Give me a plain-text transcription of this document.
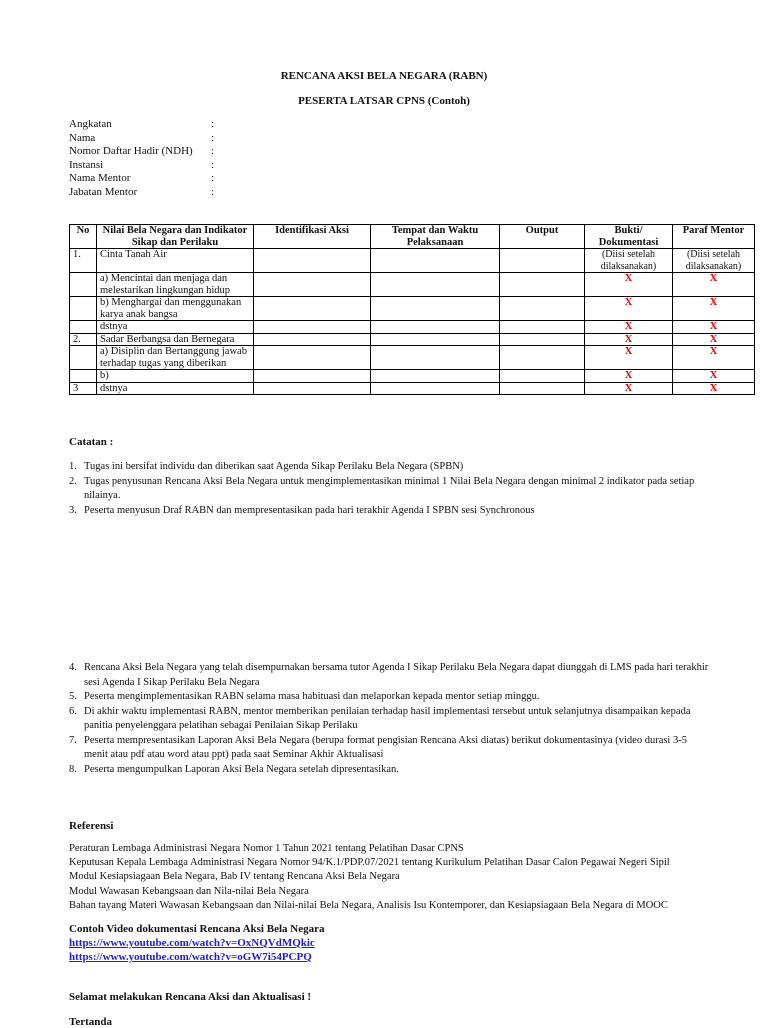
RENCANA AKSI BELA NEGARA (RABN)
PESERTA LATSAR CPNS (Contoh)
Angkatan	:
Nama	:
Nomor Daftar Hadir (NDH)	:
Instansi	:
Nama Mentor	:
Jabatan Mentor	:
No	Nilai Bela Negara dan Indikator Sikap dan Perilaku	Identifikasi Aksi	Tempat dan Waktu Pelaksanaan	Output	Bukti/ Dokumentasi	Paraf Mentor
1.	Cinta Tanah Air				(Diisi setelah dilaksanakan)	(Diisi setelah dilaksanakan)
	a) Mencintai dan menjaga dan melestarikan lingkungan hidup				X	X
	b) Menghargai dan menggunakan karya anak bangsa				X	X
	dstnya				X	X
2.	Sadar Berbangsa dan Bernegara				X	X
	a) Disiplin dan Bertanggung jawab terhadap tugas yang diberikan				X	X
	b)				X	X
3	dstnya				X	X
Catatan :
1. Tugas ini bersifat individu dan diberikan saat Agenda Sikap Perilaku Bela Negara (SPBN)
2. Tugas penyusunan Rencana Aksi Bela Negara untuk mengimplementasikan minimal 1 Nilai Bela Negara dengan minimal 2 indikator pada setiap nilainya.
3. Peserta menyusun Draf RABN dan mempresentasikan pada hari terakhir Agenda I SPBN sesi Synchronous
4. Rencana Aksi Bela Negara yang telah disempurnakan bersama tutor Agenda I Sikap Perilaku Bela Negara dapat diunggah di LMS pada hari terakhir sesi Agenda I Sikap Perilaku Bela Negara
5. Peserta mengimplementasikan RABN selama masa habituasi dan melaporkan kepada mentor setiap minggu.
6. Di akhir waktu implementasi RABN, mentor memberikan penilaian terhadap hasil implementasi tersebut untuk selanjutnya disampaikan kepada panitia penyelenggara pelatihan sebagai Penilaian Sikap Perilaku
7. Peserta mempresentasikan Laporan Aksi Bela Negara (berupa format pengisian Rencana Aksi diatas) berikut dokumentasinya (video durasi 3-5 menit atau pdf atau word atau ppt) pada saat Seminar Akhir Aktualisasi
8. Peserta mengumpulkan Laporan Aksi Bela Negara setelah dipresentasikan.
Referensi
Peraturan Lembaga Administrasi Negara Nomor 1 Tahun 2021 tentang Pelatihan Dasar CPNS
Keputusan Kepala Lembaga Administrasi Negara Nomor 94/K.1/PDP.07/2021 tentang Kurikulum Pelatihan Dasar Calon Pegawai Negeri Sipil
Modul Kesiapsiagaan Bela Negara, Bab IV tentang Rencana Aksi Bela Negara
Modul Wawasan Kebangsaan dan Nila-nilai Bela Negara
Bahan tayang Materi Wawasan Kebangsaan dan Nilai-nilai Bela Negara, Analisis Isu Kontemporer, dan Kesiapsiagaan Bela Negara di MOOC
Contoh Video dokumentasi Rencana Aksi Bela Negara
https://www.youtube.com/watch?v=OxNQVdMQkic
https://www.youtube.com/watch?v=oGW7i54PCPQ
Selamat melakukan Rencana Aksi dan Aktualisasi !
Tertanda
